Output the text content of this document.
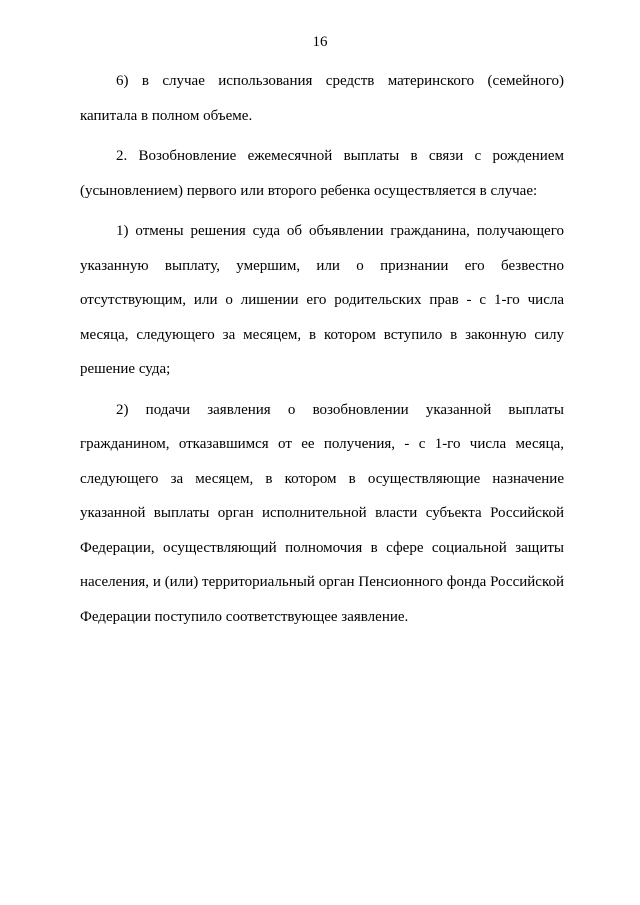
16

6) в случае использования средств материнского (семейного) капитала в полном объеме.

2. Возобновление ежемесячной выплаты в связи с рождением (усыновлением) первого или второго ребенка осуществляется в случае:

1) отмены решения суда об объявлении гражданина, получающего указанную выплату, умершим, или о признании его безвестно отсутствующим, или о лишении его родительских прав - с 1-го числа месяца, следующего за месяцем, в котором вступило в законную силу решение суда;

2) подачи заявления о возобновлении указанной выплаты гражданином, отказавшимся от ее получения, - с 1-го числа месяца, следующего за месяцем, в котором в осуществляющие назначение указанной выплаты орган исполнительной власти субъекта Российской Федерации, осуществляющий полномочия в сфере социальной защиты населения, и (или) территориальный орган Пенсионного фонда Российской Федерации поступило соответствующее заявление.
